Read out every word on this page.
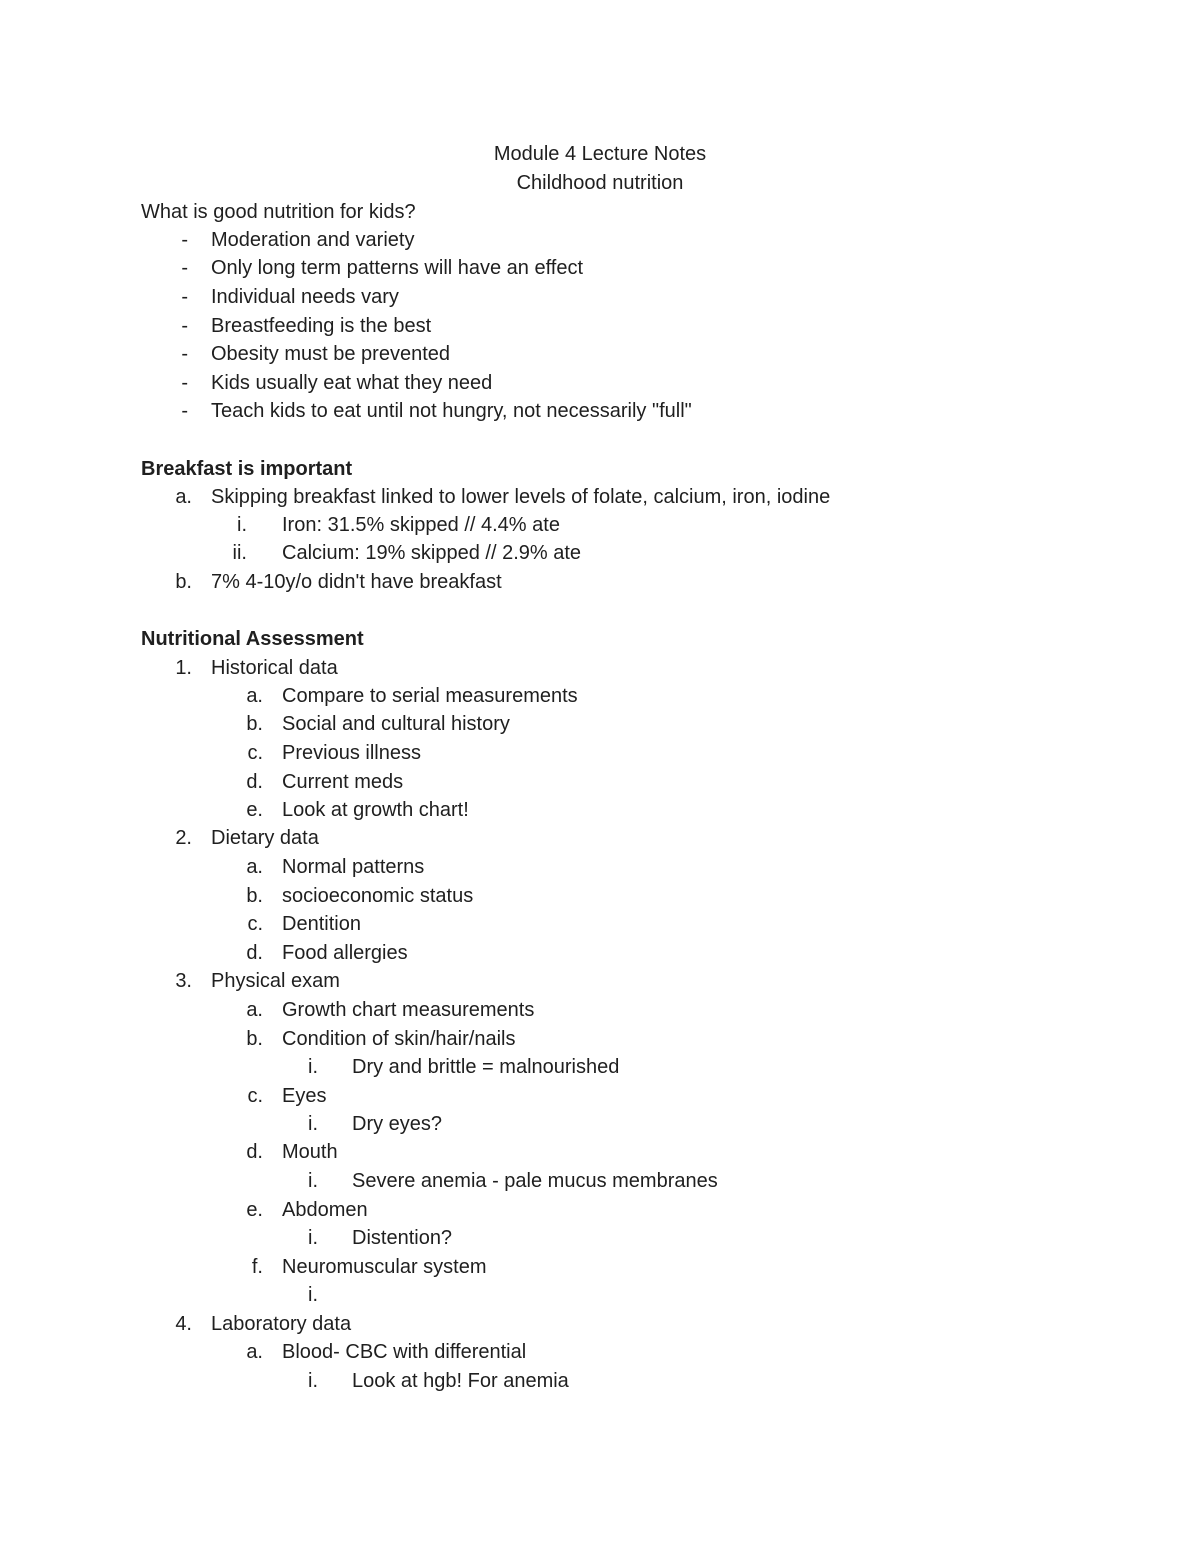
Module 4 Lecture Notes
Childhood nutrition
What is good nutrition for kids?
- Moderation and variety
- Only long term patterns will have an effect
- Individual needs vary
- Breastfeeding is the best
- Obesity must be prevented
- Kids usually eat what they need
- Teach kids to eat until not hungry, not necessarily "full"
Breakfast is important
a. Skipping breakfast linked to lower levels of folate, calcium, iron, iodine
i. Iron: 31.5% skipped // 4.4% ate
ii. Calcium: 19% skipped // 2.9% ate
b. 7% 4-10y/o didn't have breakfast
Nutritional Assessment
1. Historical data
a. Compare to serial measurements
b. Social and cultural history
c. Previous illness
d. Current meds
e. Look at growth chart!
2. Dietary data
a. Normal patterns
b. socioeconomic status
c. Dentition
d. Food allergies
3. Physical exam
a. Growth chart measurements
b. Condition of skin/hair/nails
i. Dry and brittle = malnourished
c. Eyes
i. Dry eyes?
d. Mouth
i. Severe anemia - pale mucus membranes
e. Abdomen
i. Distention?
f. Neuromuscular system
i.
4. Laboratory data
a. Blood- CBC with differential
i. Look at hgb! For anemia
